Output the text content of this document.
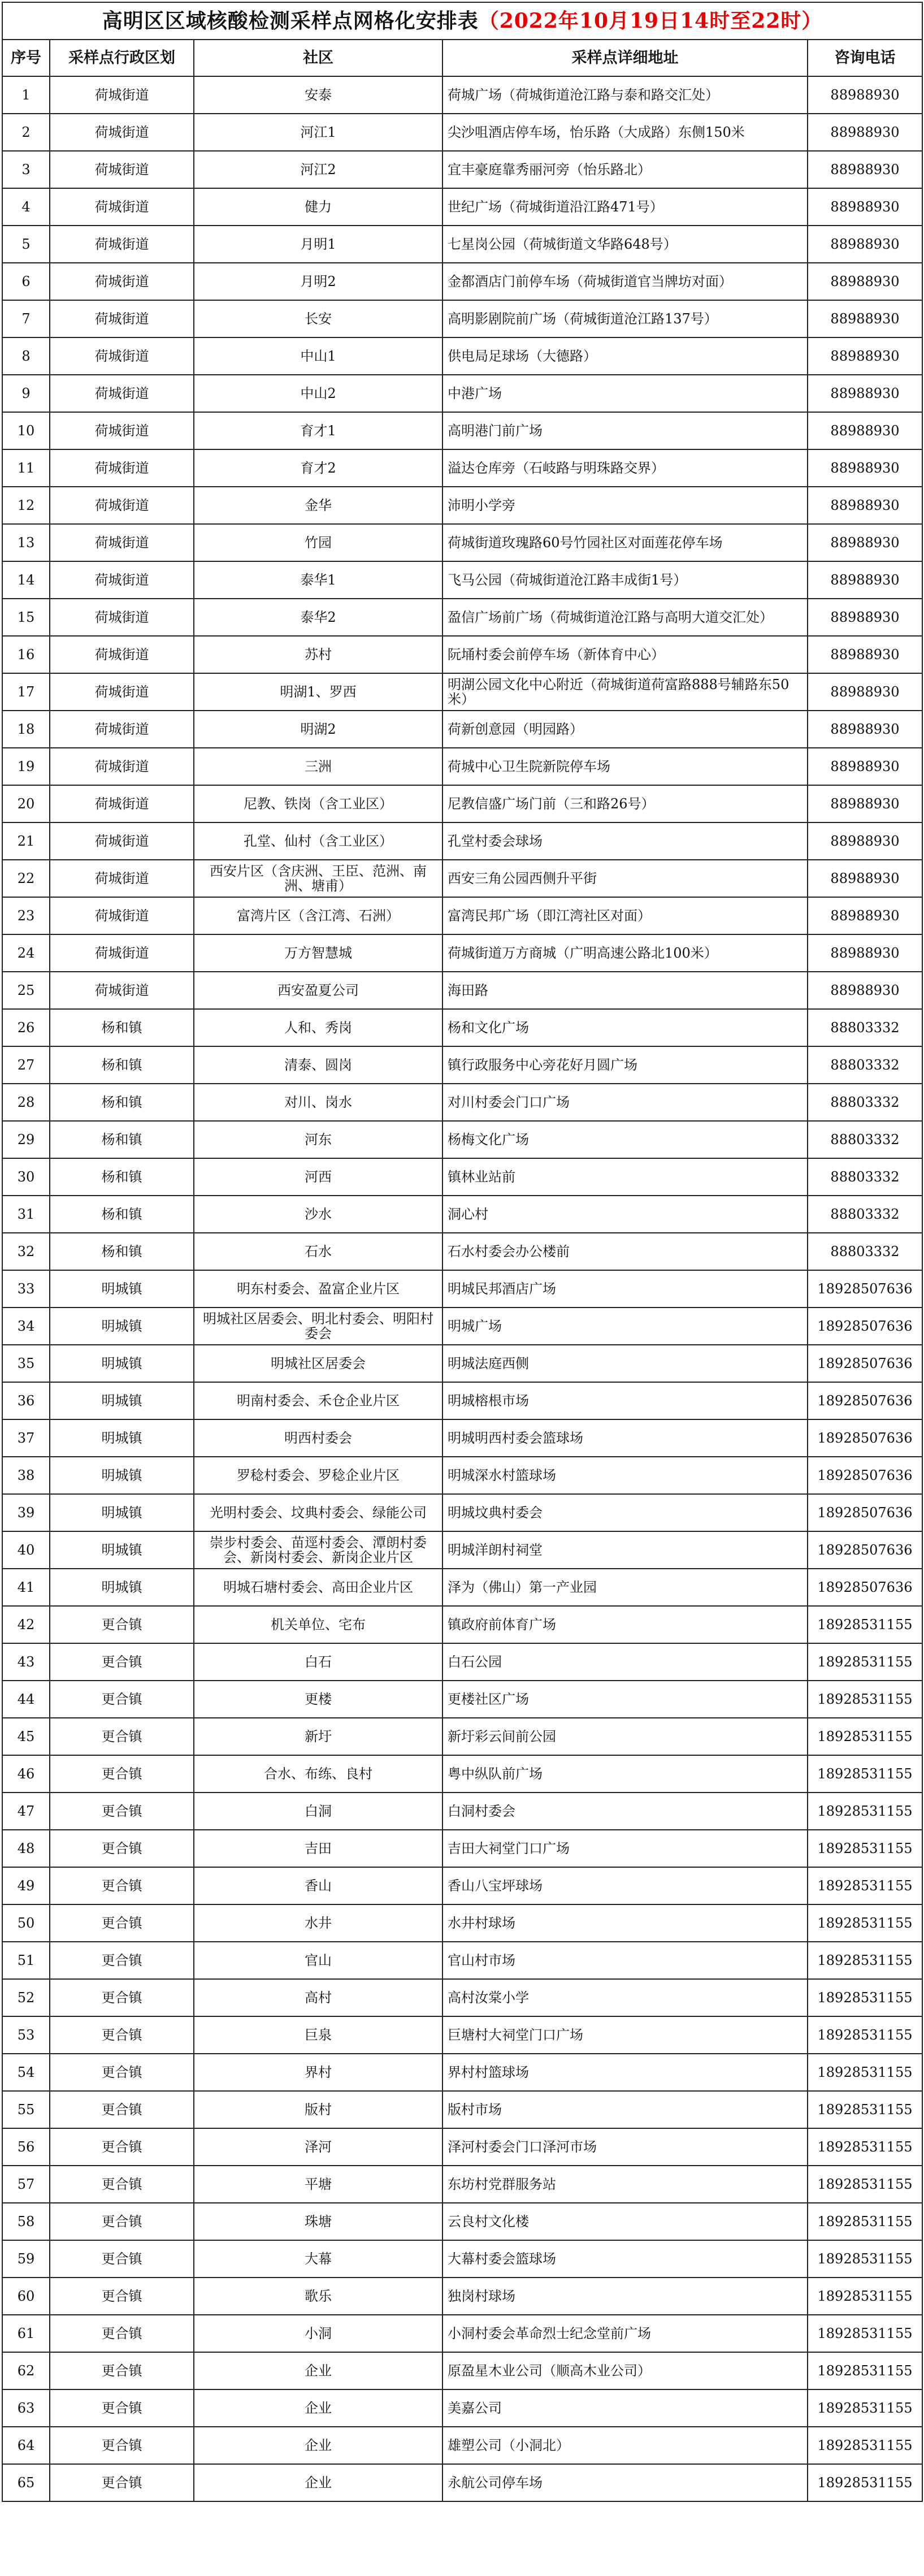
高明区区域核酸检测采样点网格化安排表（2022年10月19日14时至22时）				
序号	采样点行政区划	社区	采样点详细地址	咨询电话
1	荷城街道	安泰	荷城广场（荷城街道沧江路与泰和路交汇处）	88988930
2	荷城街道	河江1	尖沙咀酒店停车场，怡乐路（大成路）东侧150米	88988930
3	荷城街道	河江2	宜丰豪庭靠秀丽河旁（怡乐路北）	88988930
4	荷城街道	健力	世纪广场（荷城街道沿江路471号）	88988930
5	荷城街道	月明1	七星岗公园（荷城街道文华路648号）	88988930
6	荷城街道	月明2	金都酒店门前停车场（荷城街道官当牌坊对面）	88988930
7	荷城街道	长安	高明影剧院前广场（荷城街道沧江路137号）	88988930
8	荷城街道	中山1	供电局足球场（大德路）	88988930
9	荷城街道	中山2	中港广场	88988930
10	荷城街道	育才1	高明港门前广场	88988930
11	荷城街道	育才2	溢达仓库旁（石岐路与明珠路交界）	88988930
12	荷城街道	金华	沛明小学旁	88988930
13	荷城街道	竹园	荷城街道玫瑰路60号竹园社区对面莲花停车场	88988930
14	荷城街道	泰华1	飞马公园（荷城街道沧江路丰成街1号）	88988930
15	荷城街道	泰华2	盈信广场前广场（荷城街道沧江路与高明大道交汇处）	88988930
16	荷城街道	苏村	阮埇村委会前停车场（新体育中心）	88988930
17	荷城街道	明湖1、罗西	明湖公园文化中心附近（荷城街道荷富路888号辅路东50米）	88988930
18	荷城街道	明湖2	荷新创意园（明园路）	88988930
19	荷城街道	三洲	荷城中心卫生院新院停车场	88988930
20	荷城街道	尼教、铁岗（含工业区）	尼教信盛广场门前（三和路26号）	88988930
21	荷城街道	孔堂、仙村（含工业区）	孔堂村委会球场	88988930
22	荷城街道	西安片区（含庆洲、王臣、范洲、南洲、塘甫）	西安三角公园西侧升平街	88988930
23	荷城街道	富湾片区（含江湾、石洲）	富湾民邦广场（即江湾社区对面）	88988930
24	荷城街道	万方智慧城	荷城街道万方商城（广明高速公路北100米）	88988930
25	荷城街道	西安盈夏公司	海田路	88988930
26	杨和镇	人和、秀岗	杨和文化广场	88803332
27	杨和镇	清泰、圆岗	镇行政服务中心旁花好月圆广场	88803332
28	杨和镇	对川、岗水	对川村委会门口广场	88803332
29	杨和镇	河东	杨梅文化广场	88803332
30	杨和镇	河西	镇林业站前	88803332
31	杨和镇	沙水	洞心村	88803332
32	杨和镇	石水	石水村委会办公楼前	88803332
33	明城镇	明东村委会、盈富企业片区	明城民邦酒店广场	18928507636
34	明城镇	明城社区居委会、明北村委会、明阳村委会	明城广场	18928507636
35	明城镇	明城社区居委会	明城法庭西侧	18928507636
36	明城镇	明南村委会、禾仓企业片区	明城榕根市场	18928507636
37	明城镇	明西村委会	明城明西村委会篮球场	18928507636
38	明城镇	罗稔村委会、罗稔企业片区	明城深水村篮球场	18928507636
39	明城镇	光明村委会、坟典村委会、绿能公司	明城坟典村委会	18928507636
40	明城镇	崇步村委会、苗逕村委会、潭朗村委会、新岗村委会、新岗企业片区	明城洋朗村祠堂	18928507636
41	明城镇	明城石塘村委会、高田企业片区	泽为（佛山）第一产业园	18928507636
42	更合镇	机关单位、宅布	镇政府前体育广场	18928531155
43	更合镇	白石	白石公园	18928531155
44	更合镇	更楼	更楼社区广场	18928531155
45	更合镇	新圩	新圩彩云间前公园	18928531155
46	更合镇	合水、布练、良村	粤中纵队前广场	18928531155
47	更合镇	白洞	白洞村委会	18928531155
48	更合镇	吉田	吉田大祠堂门口广场	18928531155
49	更合镇	香山	香山八宝坪球场	18928531155
50	更合镇	水井	水井村球场	18928531155
51	更合镇	官山	官山村市场	18928531155
52	更合镇	高村	高村汝棠小学	18928531155
53	更合镇	巨泉	巨塘村大祠堂门口广场	18928531155
54	更合镇	界村	界村村篮球场	18928531155
55	更合镇	版村	版村市场	18928531155
56	更合镇	泽河	泽河村委会门口泽河市场	18928531155
57	更合镇	平塘	东坊村党群服务站	18928531155
58	更合镇	珠塘	云良村文化楼	18928531155
59	更合镇	大幕	大幕村委会篮球场	18928531155
60	更合镇	歌乐	独岗村球场	18928531155
61	更合镇	小洞	小洞村委会革命烈士纪念堂前广场	18928531155
62	更合镇	企业	原盈星木业公司（顺高木业公司）	18928531155
63	更合镇	企业	美嘉公司	18928531155
64	更合镇	企业	雄塑公司（小洞北）	18928531155
65	更合镇	企业	永航公司停车场	18928531155
